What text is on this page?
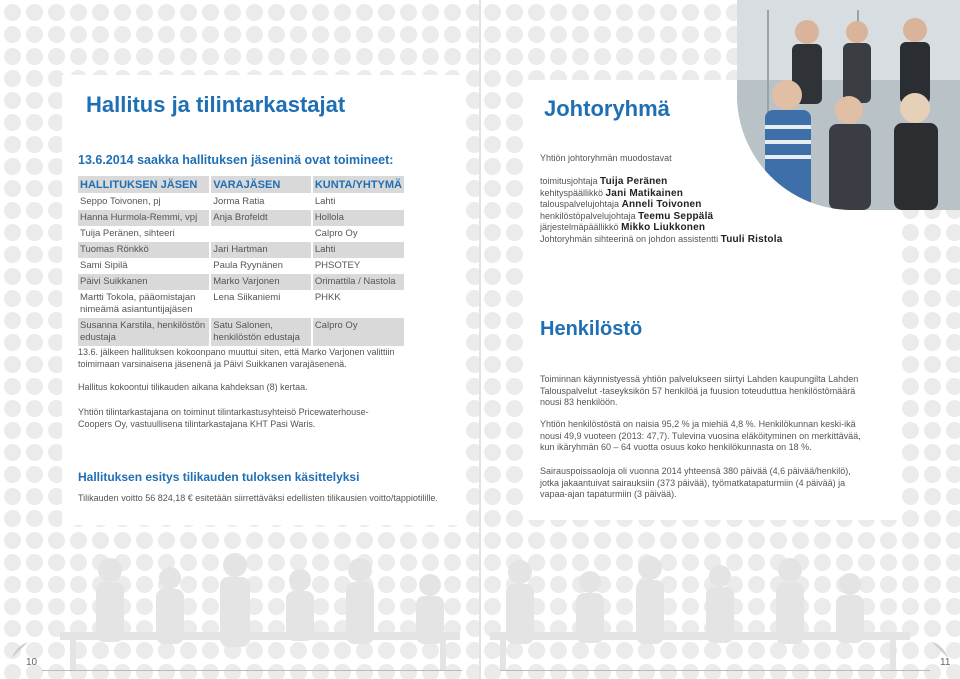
Hallitus ja tilintarkastajat
13.6.2014 saakka hallituksen jäseninä ovat toimineet:
HALLITUKSEN JÄSEN	VARAJÄSEN	KUNTA/YHTYMÄ
Seppo Toivonen, pj	Jorma Ratia	Lahti
Hanna Hurmola-Remmi, vpj	Anja Brofeldt	Hollola
Tuija Peränen, sihteeri		Calpro Oy
Tuomas Rönkkö	Jari Hartman	Lahti
Sami Sipilä	Paula Ryynänen	PHSOTEY
Päivi Suikkanen	Marko Varjonen	Orimattila / Nastola
Martti Tokola, pääomistajan nimeämä asiantuntijajäsen	Lena Siikaniemi	PHKK
Susanna Karstila, henkilöstön edustaja	Satu Salonen, henkilöstön edustaja	Calpro Oy
13.6. jälkeen hallituksen kokoonpano muuttui siten, että Marko Varjonen valittiin toimimaan varsinaisena jäsenenä ja Päivi Suikkanen varajäsenenä.
Hallitus kokoontui tilikauden aikana kahdeksan (8) kertaa.
Yhtiön tilintarkastajana on toiminut tilintarkastusyhteisö Pricewaterhouse-Coopers Oy, vastuullisena tilintarkastajana KHT Pasi Waris.
Hallituksen esitys tilikauden tuloksen käsittelyksi
Tilikauden voitto 56 824,18 € esitetään siirrettäväksi edellisten tilikausien voitto/tappiotilille.
Johtoryhmä
Yhtiön johtoryhmän muodostavat
toimitusjohtaja Tuija Peränen
kehityspäällikkö Jani Matikainen
talouspalvelujohtaja Anneli Toivonen
henkilöstöpalvelujohtaja Teemu Seppälä
järjestelmäpäällikkö Mikko Liukkonen
Johtoryhmän sihteerinä on johdon assistentti Tuuli Ristola
Henkilöstö
Toiminnan käynnistyessä yhtiön palvelukseen siirtyi Lahden kaupungilta Lahden Talouspalvelut -taseyksikön 57 henkilöä ja fuusion toteuduttua henkilöstömäärä nousi 83 henkilöön.
Yhtiön henkilöstöstä on naisia 95,2 % ja miehiä 4,8 %. Henkilökunnan keski-ikä nousi 49,9 vuoteen (2013: 47,7). Tulevina vuosina eläköityminen on merkittävää, kun ikäryhmän 60 – 64 vuotta osuus koko henkilökunnasta on 18 %.
Sairauspoissaoloja oli vuonna 2014 yhteensä 380 päivää (4,6 päivää/henkilö), jotka jakaantuivat sairauksiin (373 päivää), työmatkatapaturmiin (4 päivää) ja vapaa-ajan tapaturmiin (3 päivää).
10	11
